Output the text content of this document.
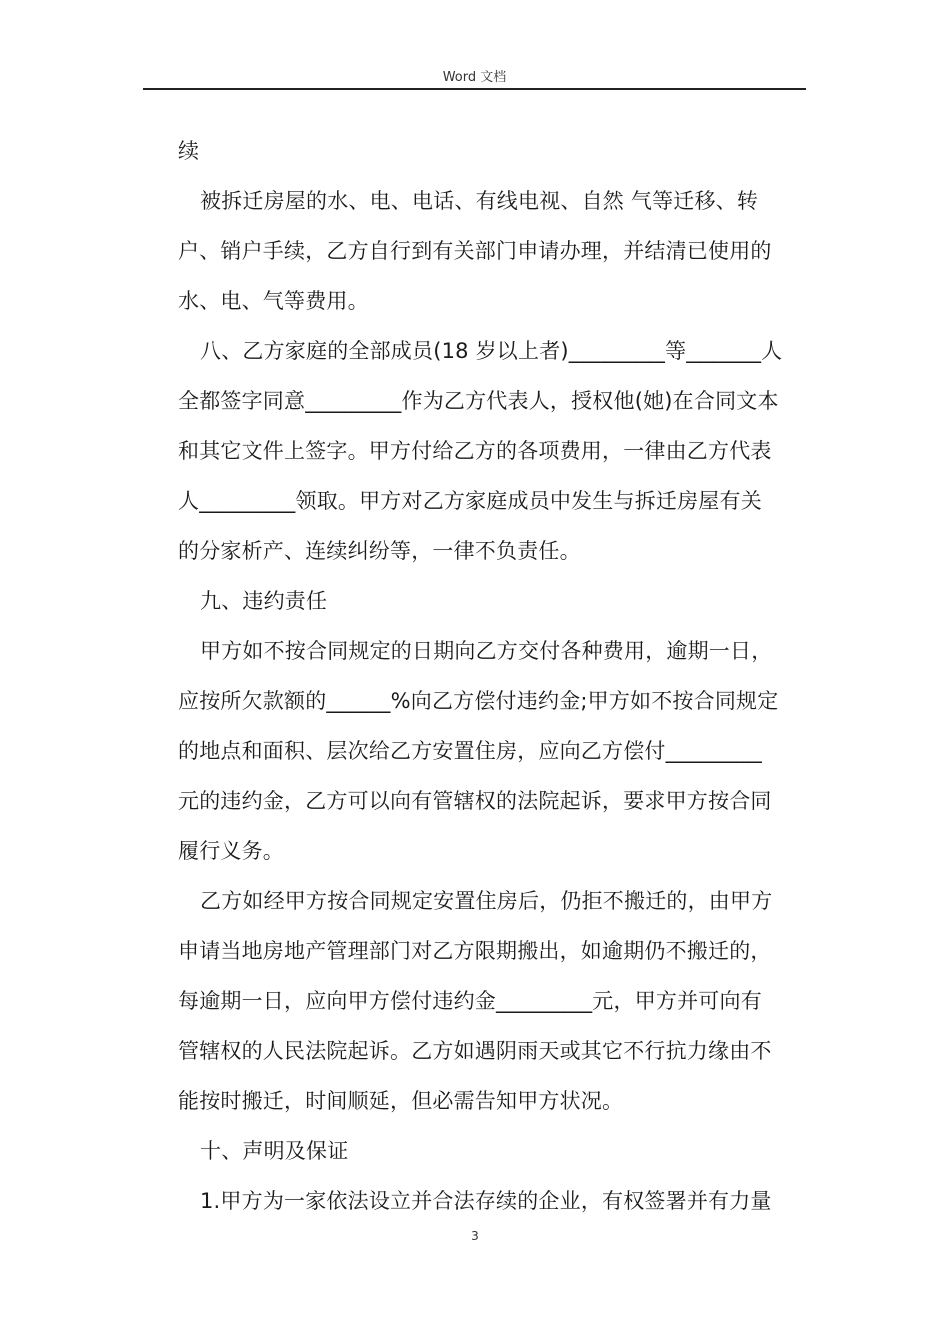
Word 文档
续
被拆迁房屋的水、电、电话、有线电视、自然 气等迁移、转
户、销户手续，乙方自行到有关部门申请办理，并结清已使用的
水、电、气等费用。
八、乙方家庭的全部成员(18 岁以上者)_________等_______人
全都签字同意_________作为乙方代表人，授权他(她)在合同文本
和其它文件上签字。甲方付给乙方的各项费用，一律由乙方代表
人_________领取。甲方对乙方家庭成员中发生与拆迁房屋有关
的分家析产、连续纠纷等，一律不负责任。
九、违约责任
甲方如不按合同规定的日期向乙方交付各种费用，逾期一日，
应按所欠款额的______%向乙方偿付违约金;甲方如不按合同规定
的地点和面积、层次给乙方安置住房，应向乙方偿付_________
元的违约金，乙方可以向有管辖权的法院起诉，要求甲方按合同
履行义务。
乙方如经甲方按合同规定安置住房后，仍拒不搬迁的，由甲方
申请当地房地产管理部门对乙方限期搬出，如逾期仍不搬迁的，
每逾期一日，应向甲方偿付违约金_________元，甲方并可向有
管辖权的人民法院起诉。乙方如遇阴雨天或其它不行抗力缘由不
能按时搬迁，时间顺延，但必需告知甲方状况。
十、声明及保证
1.甲方为一家依法设立并合法存续的企业，有权签署并有力量
3
